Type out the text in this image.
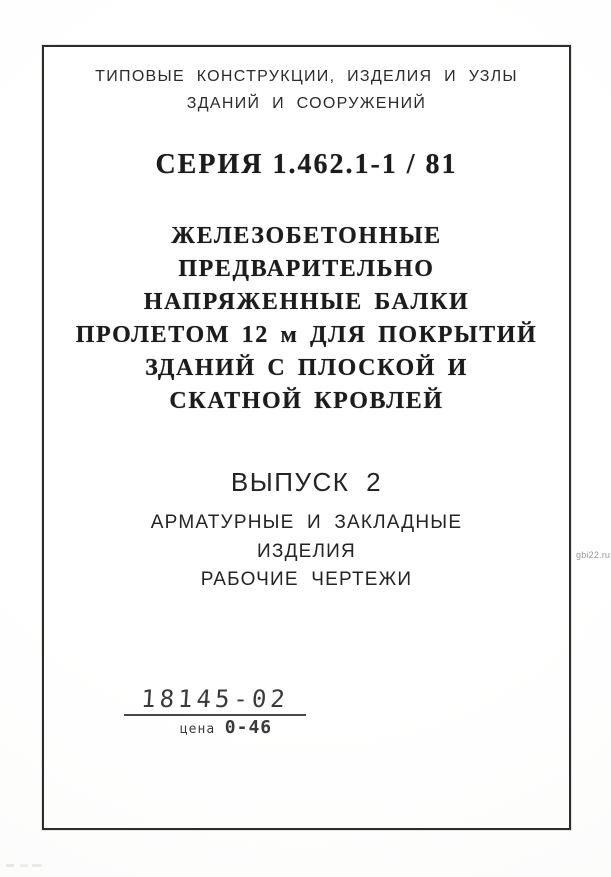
ТИПОВЫЕ КОНСТРУКЦИИ, ИЗДЕЛИЯ И УЗЛЫ
ЗДАНИЙ И СООРУЖЕНИЙ
СЕРИЯ 1.462.1-1 / 81
ЖЕЛЕЗОБЕТОННЫЕ
ПРЕДВАРИТЕЛЬНО
НАПРЯЖЕННЫЕ БАЛКИ
ПРОЛЕТОМ 12 м ДЛЯ ПОКРЫТИЙ
ЗДАНИЙ С ПЛОСКОЙ И
СКАТНОЙ КРОВЛЕЙ
ВЫПУСК 2
АРМАТУРНЫЕ И ЗАКЛАДНЫЕ
ИЗДЕЛИЯ
РАБОЧИЕ ЧЕРТЕЖИ
18145-02
цена 0-46
gbi22.ru
